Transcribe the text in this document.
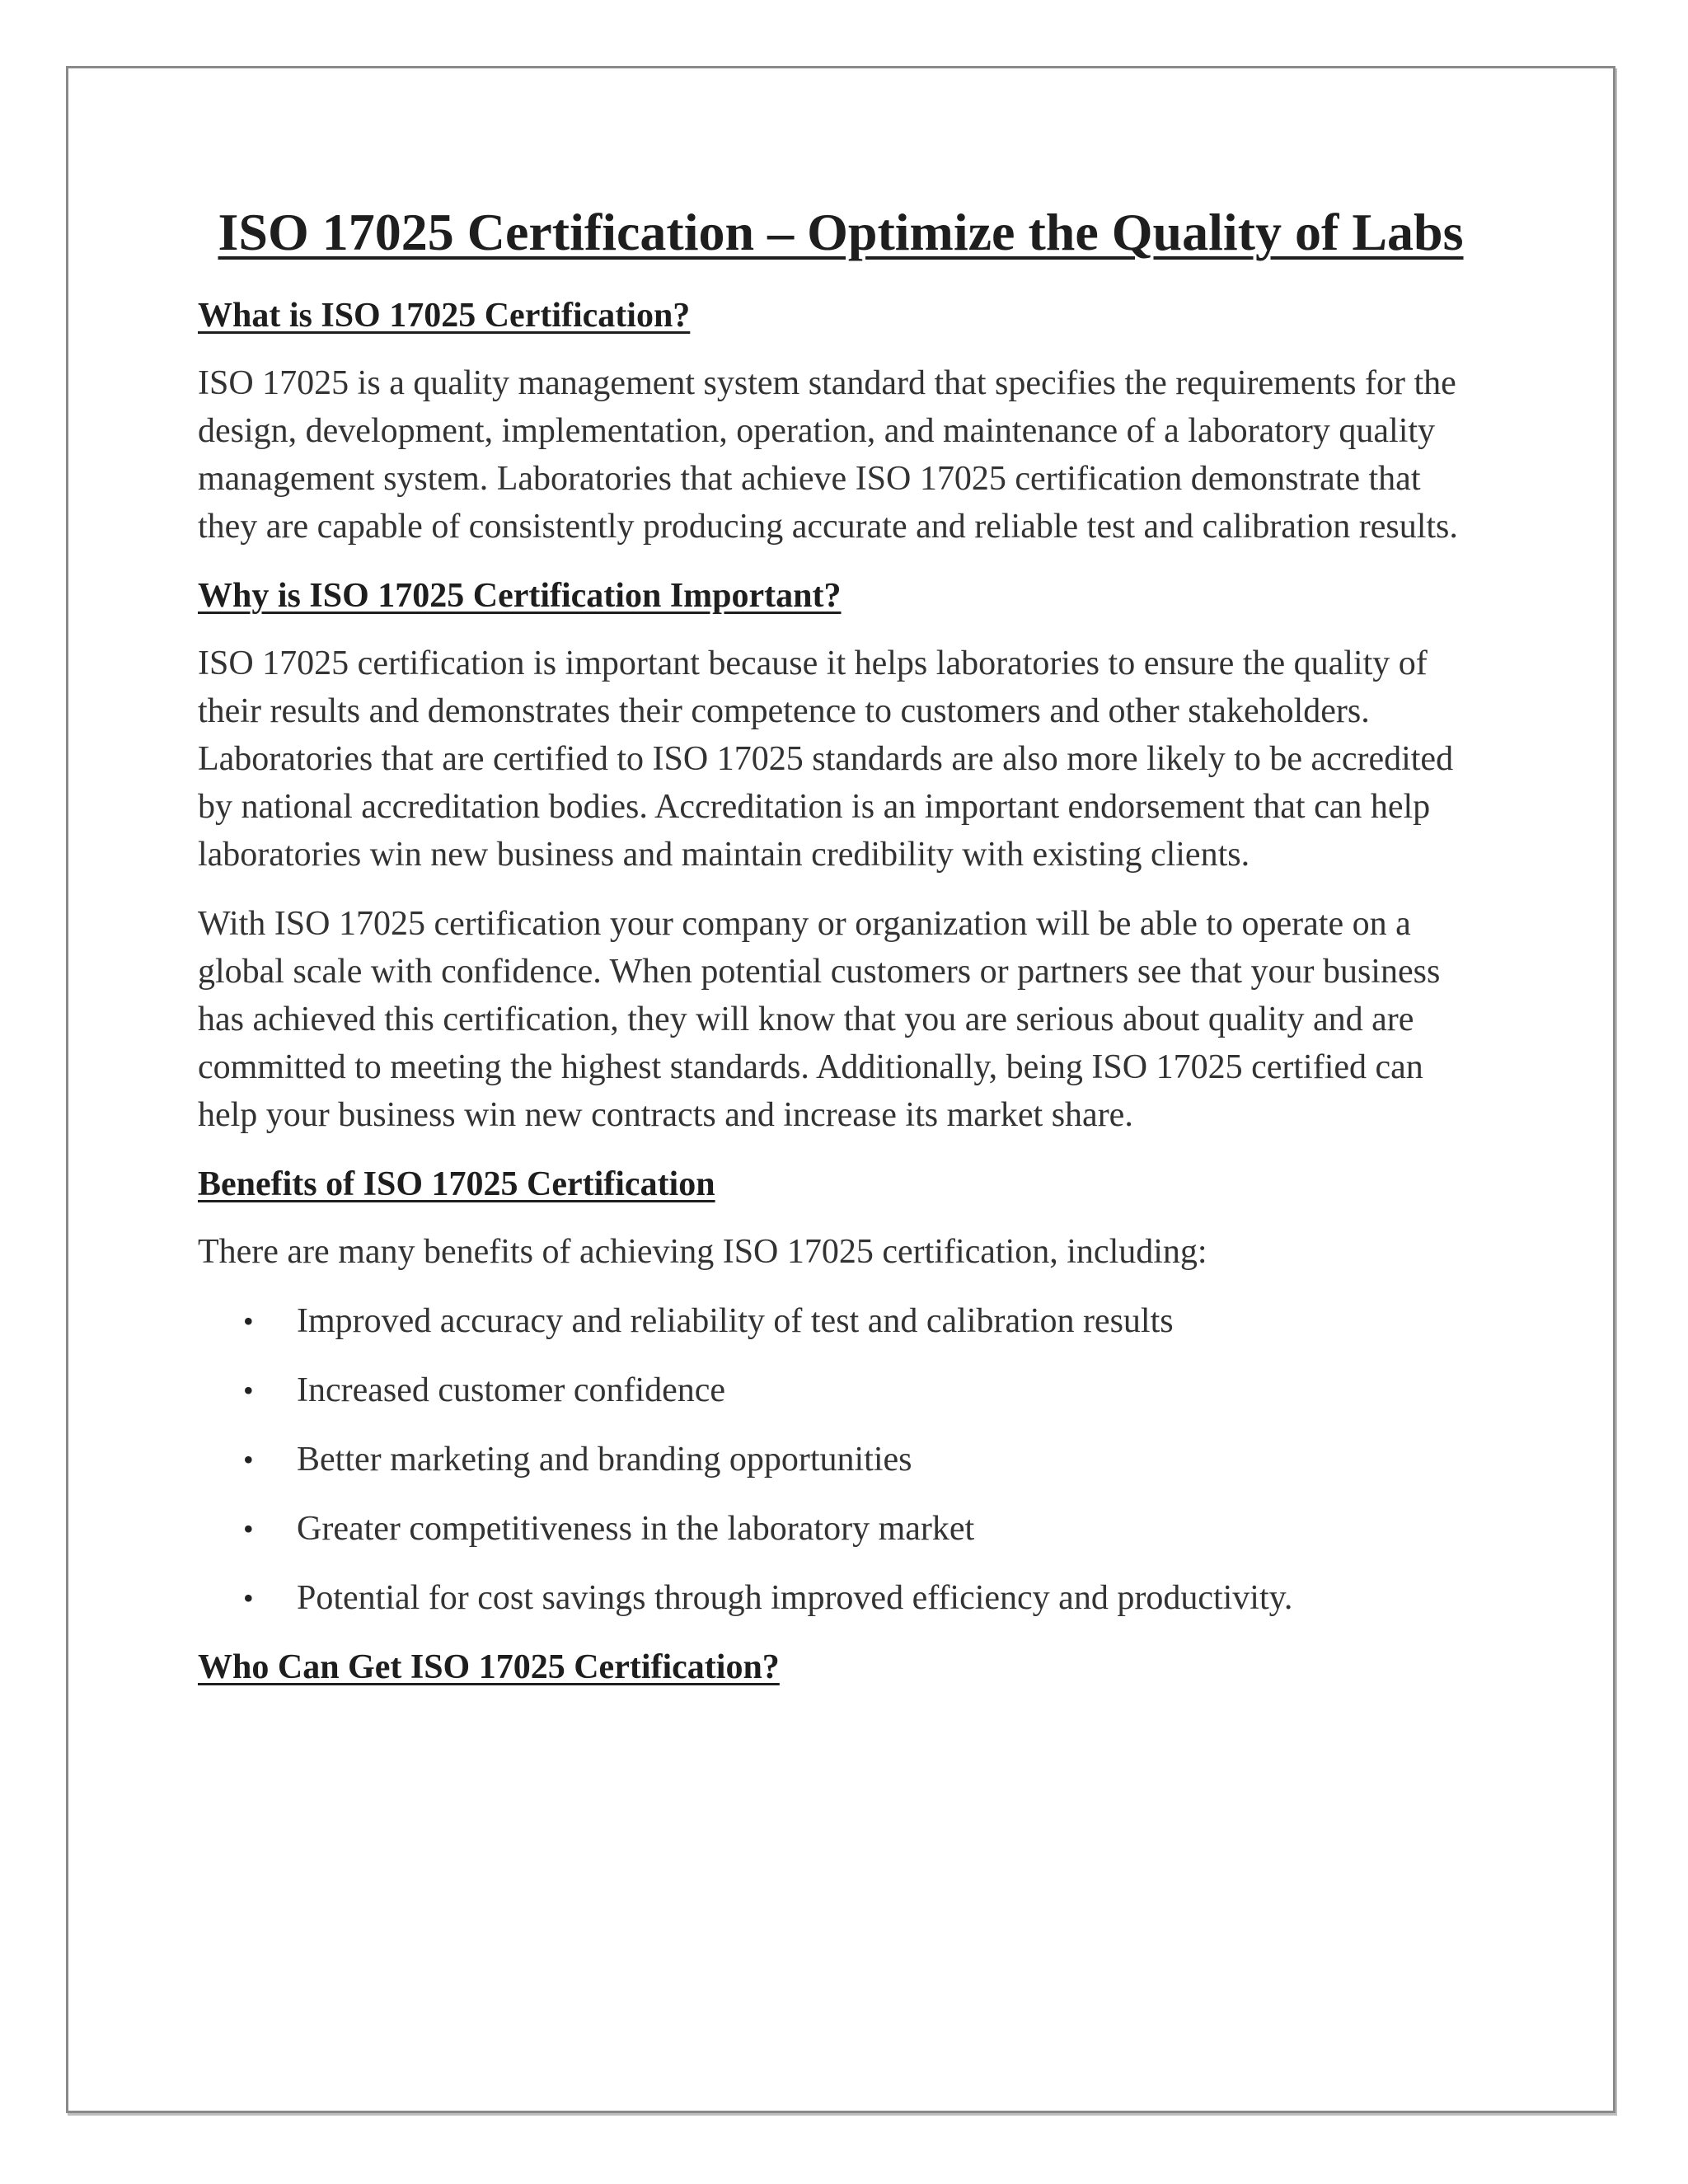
ISO 17025 Certification – Optimize the Quality of Labs
What is ISO 17025 Certification?

ISO 17025 is a quality management system standard that specifies the requirements for the design, development, implementation, operation, and maintenance of a laboratory quality management system. Laboratories that achieve ISO 17025 certification demonstrate that they are capable of consistently producing accurate and reliable test and calibration results.

Why is ISO 17025 Certification Important?

ISO 17025 certification is important because it helps laboratories to ensure the quality of their results and demonstrates their competence to customers and other stakeholders. Laboratories that are certified to ISO 17025 standards are also more likely to be accredited by national accreditation bodies. Accreditation is an important endorsement that can help laboratories win new business and maintain credibility with existing clients.

With ISO 17025 certification your company or organization will be able to operate on a global scale with confidence. When potential customers or partners see that your business has achieved this certification, they will know that you are serious about quality and are committed to meeting the highest standards. Additionally, being ISO 17025 certified can help your business win new contracts and increase its market share.

Benefits of ISO 17025 Certification

There are many benefits of achieving ISO 17025 certification, including:

• Improved accuracy and reliability of test and calibration results
• Increased customer confidence
• Better marketing and branding opportunities
• Greater competitiveness in the laboratory market
• Potential for cost savings through improved efficiency and productivity.
Who Can Get ISO 17025 Certification?
